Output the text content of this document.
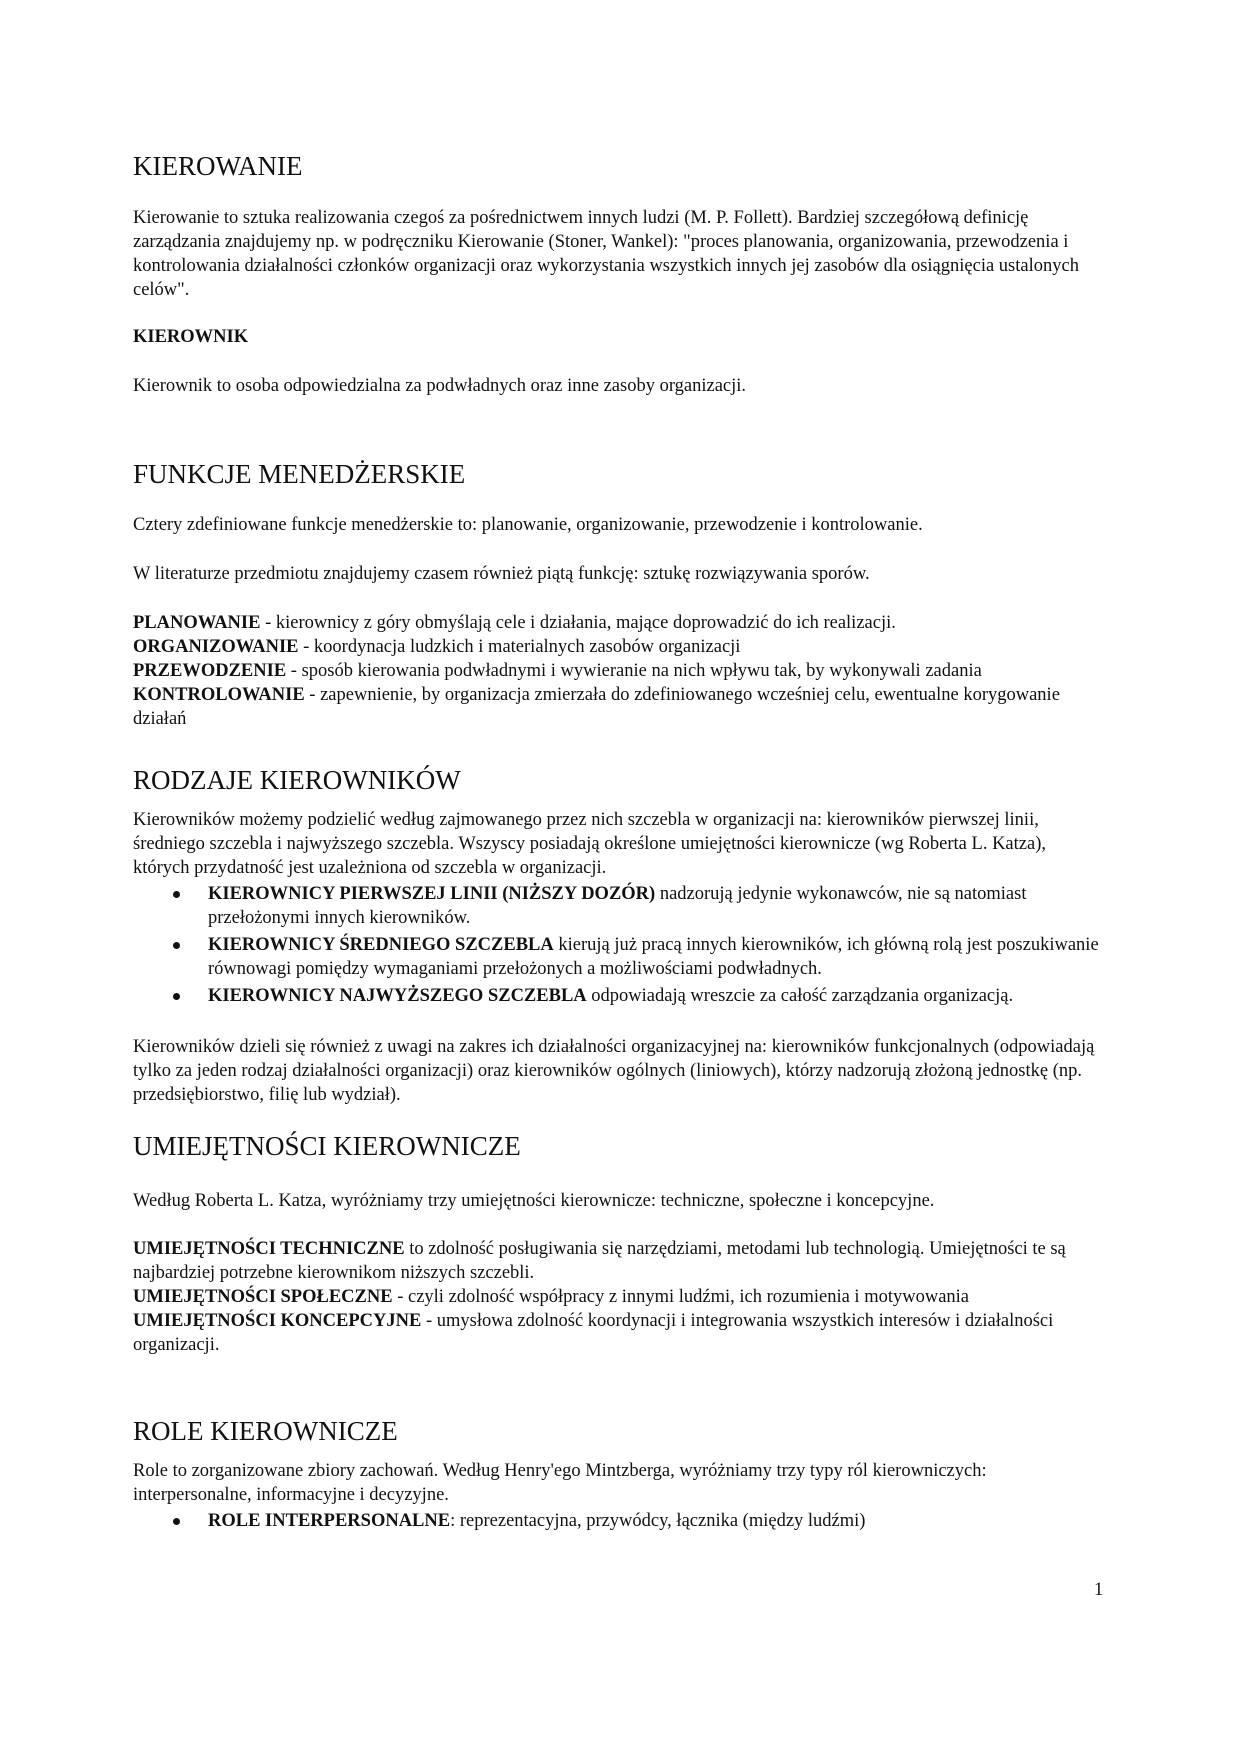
KIEROWANIE

Kierowanie to sztuka realizowania czegoś za pośrednictwem innych ludzi (M. P. Follett). Bardziej szczegółową definicję zarządzania znajdujemy np. w podręczniku Kierowanie (Stoner, Wankel): "proces planowania, organizowania, przewodzenia i kontrolowania działalności członków organizacji oraz wykorzystania wszystkich innych jej zasobów dla osiągnięcia ustalonych celów".

KIEROWNIK

Kierownik to osoba odpowiedzialna za podwładnych oraz inne zasoby organizacji.

FUNKCJE MENEDŻERSKIE

Cztery zdefiniowane funkcje menedżerskie to: planowanie, organizowanie, przewodzenie i kontrolowanie.

W literaturze przedmiotu znajdujemy czasem również piątą funkcję: sztukę rozwiązywania sporów.

PLANOWANIE - kierownicy z góry obmyślają cele i działania, mające doprowadzić do ich realizacji.
ORGANIZOWANIE - koordynacja ludzkich i materialnych zasobów organizacji
PRZEWODZENIE - sposób kierowania podwładnymi i wywieranie na nich wpływu tak, by wykonywali zadania
KONTROLOWANIE - zapewnienie, by organizacja zmierzała do zdefiniowanego wcześniej celu, ewentualne korygowanie działań
RODZAJE KIEROWNIKÓW

Kierowników możemy podzielić według zajmowanego przez nich szczebla w organizacji na: kierowników pierwszej linii, średniego szczebla i najwyższego szczebla. Wszyscy posiadają określone umiejętności kierownicze (wg Roberta L. Katza), których przydatność jest uzależniona od szczebla w organizacji.

KIEROWNICY PIERWSZEJ LINII (NIŻSZY DOZÓR) nadzorują jedynie wykonawców, nie są natomiast przełożonymi innych kierowników.
KIEROWNICY ŚREDNIEGO SZCZEBLA kierują już pracą innych kierowników, ich główną rolą jest poszukiwanie równowagi pomiędzy wymaganiami przełożonych a możliwościami podwładnych.
KIEROWNICY NAJWYŻSZEGO SZCZEBLA odpowiadają wreszcie za całość zarządzania organizacją.

Kierowników dzieli się również z uwagi na zakres ich działalności organizacyjnej na: kierowników funkcjonalnych (odpowiadają tylko za jeden rodzaj działalności organizacji) oraz kierowników ogólnych (liniowych), którzy nadzorują złożoną jednostkę (np. przedsiębiorstwo, filię lub wydział).

UMIEJĘTNOŚCI KIEROWNICZE

Według Roberta L. Katza, wyróżniamy trzy umiejętności kierownicze: techniczne, społeczne i koncepcyjne.

UMIEJĘTNOŚCI TECHNICZNE to zdolność posługiwania się narzędziami, metodami lub technologią. Umiejętności te są najbardziej potrzebne kierownikom niższych szczebli.
UMIEJĘTNOŚCI SPOŁECZNE - czyli zdolność współpracy z innymi ludźmi, ich rozumienia i motywowania
UMIEJĘTNOŚCI KONCEPCYJNE - umysłowa zdolność koordynacji i integrowania wszystkich interesów i działalności organizacji.
ROLE KIEROWNICZE

Role to zorganizowane zbiory zachowań. Według Henry'ego Mintzberga, wyróżniamy trzy typy ról kierowniczych: interpersonalne, informacyjne i decyzyjne.

ROLE INTERPERSONALNE: reprezentacyjna, przywódcy, łącznika (między ludźmi)
1
